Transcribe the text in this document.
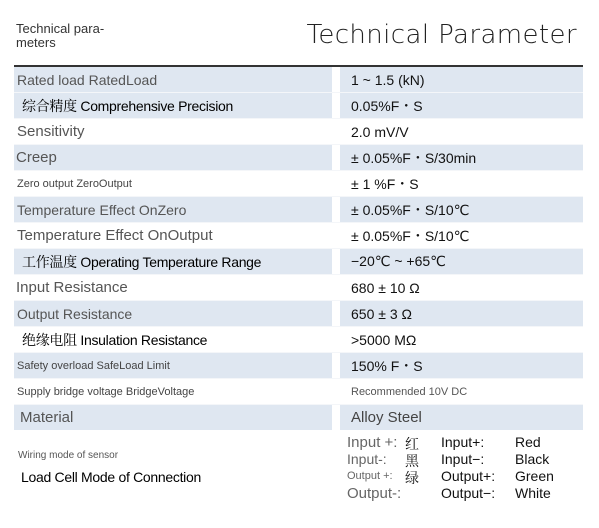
Technical para-meters	Technical Parameter
Rated load RatedLoad	1 ~ 1.5 (kN)
综合精度 Comprehensive Precision	0.05%F・S
Sensitivity	2.0 mV/V
Creep	± 0.05%F・S/30min
Zero output ZeroOutput	± 1 %F・S
Temperature Effect OnZero	± 0.05%F・S/10℃
Temperature Effect OnOutput	± 0.05%F・S/10℃
工作温度 Operating Temperature Range	−20℃ ~ +65℃
Input Resistance	680 ± 10 Ω
Output Resistance	650 ± 3 Ω
绝缘电阻 Insulation Resistance	>5000 MΩ
Safety overload SafeLoad Limit	150% F・S
Supply bridge voltage BridgeVoltage	Recommended 10V DC
Material	Alloy Steel
Wiring mode of sensor
Load Cell Mode of Connection
Input +: 红 Input+: Red
Input-: 黑 Input−: Black
Output +: 绿 Output+: Green
Output-:	Output−: White
